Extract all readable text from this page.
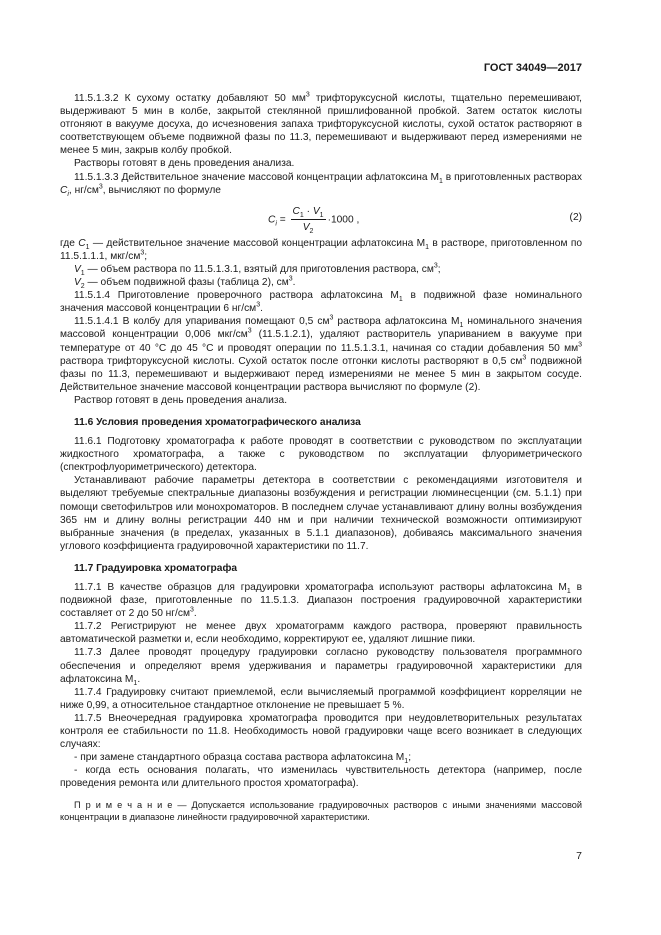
ГОСТ 34049—2017

11.5.1.3.2 К сухому остатку добавляют 50 $мм^3$ трифторуксусной кислоты, тщательно перемешивают, выдерживают 5 мин в колбе, закрытой стеклянной пришлифованной пробкой. Затем остаток кислоты отгоняют в вакууме досуха, до исчезновения запаха трифторуксусной кислоты, сухой остаток растворяют в соответствующем объеме подвижной фазы по 11.3, перемешивают и выдерживают перед измерениями не менее 5 мин, закрыв колбу пробкой.

Растворы готовят в день проведения анализа.

11.5.1.3.3 Действительное значение массовой концентрации афлатоксина $М_1$ в приготовленных растворах $C_i$, $нг/см^3$, вычисляют по формуле

$C_i = \frac{C_1 \cdot V_1}{V_2} \cdot 1000$ ,	(2)

где $C_1$ — действительное значение массовой концентрации афлатоксина $М_1$ в растворе, приготовленном по 11.5.1.1.1, мкг/$см^3$;

$V_1$ — объем раствора по 11.5.1.3.1, взятый для приготовления раствора, $см^3$;

$V_2$ — объем подвижной фазы (таблица 2), $см^3$.

11.5.1.4 Приготовление проверочного раствора афлатоксина $М_1$ в подвижной фазе номинального значения массовой концентрации 6 $нг/см^3$.

11.5.1.4.1 В колбу для упаривания помещают 0,5 $см^3$ раствора афлатоксина $М_1$ номинального значения массовой концентрации 0,006 мкг/$см^3$ (11.5.1.2.1), удаляют растворитель упариванием в вакууме при температуре от 40 °С до 45 °С и проводят операции по 11.5.1.3.1, начиная со стадии добавления 50 $мм^3$ раствора трифторуксусной кислоты. Сухой остаток после отгонки кислоты растворяют в 0,5 $см^3$ подвижной фазы по 11.3, перемешивают и выдерживают перед измерениями не менее 5 мин в закрытом сосуде. Действительное значение массовой концентрации раствора вычисляют по формуле (2).

Раствор готовят в день проведения анализа.

11.6 Условия проведения хроматографического анализа

11.6.1 Подготовку хроматографа к работе проводят в соответствии с руководством по эксплуатации жидкостного хроматографа, а также с руководством по эксплуатации флуориметрического (спектрофлуориметрического) детектора.

Устанавливают рабочие параметры детектора в соответствии с рекомендациями изготовителя и выделяют требуемые спектральные диапазоны возбуждения и регистрации люминесценции (см. 5.1.1) при помощи светофильтров или монохроматоров. В последнем случае устанавливают длину волны возбуждения 365 нм и длину волны регистрации 440 нм и при наличии технической возможности оптимизируют выбранные значения (в пределах, указанных в 5.1.1 диапазонов), добиваясь максимального значения углового коэффициента градуировочной характеристики по 11.7.

11.7 Градуировка хроматографа

11.7.1 В качестве образцов для градуировки хроматографа используют растворы афлатоксина $М_1$ в подвижной фазе, приготовленные по 11.5.1.3. Диапазон построения градуировочной характеристики составляет от 2 до 50 $нг/см^3$.

11.7.2 Регистрируют не менее двух хроматограмм каждого раствора, проверяют правильность автоматической разметки и, если необходимо, корректируют ее, удаляют лишние пики.

11.7.3 Далее проводят процедуру градуировки согласно руководству пользователя программного обеспечения и определяют время удерживания и параметры градуировочной характеристики для афлатоксина $М_1$.

11.7.4 Градуировку считают приемлемой, если вычисляемый программой коэффициент корреляции не ниже 0,99, а относительное стандартное отклонение не превышает 5 %.

11.7.5 Внеочередная градуировка хроматографа проводится при неудовлетворительных результатах контроля ее стабильности по 11.8. Необходимость новой градуировки чаще всего возникает в следующих случаях:

- при замене стандартного образца состава раствора афлатоксина $М_1$;

- когда есть основания полагать, что изменилась чувствительность детектора (например, после проведения ремонта или длительного простоя хроматографа).

П р и м е ч а н и е — Допускается использование градуировочных растворов с иными значениями массовой концентрации в диапазоне линейности градуировочной характеристики.

7
